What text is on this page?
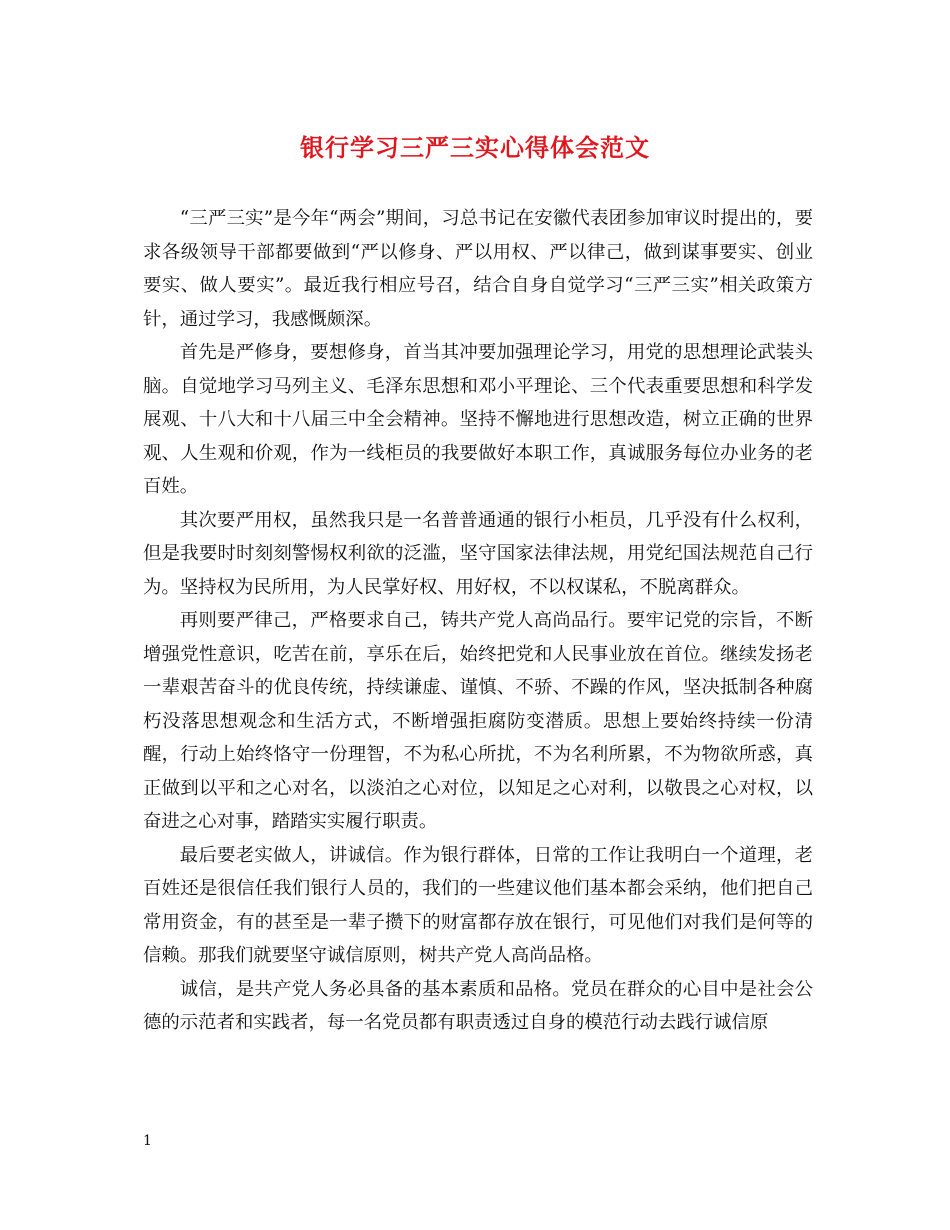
银行学习三严三实心得体会范文

“三严三实”是今年“两会”期间，习总书记在安徽代表团参加审议时提出的，要求各级领导干部都要做到“严以修身、严以用权、严以律己，做到谋事要实、创业要实、做人要实”。最近我行相应号召，结合自身自觉学习“三严三实”相关政策方针，通过学习，我感慨颇深。

首先是严修身，要想修身，首当其冲要加强理论学习，用党的思想理论武装头脑。自觉地学习马列主义、毛泽东思想和邓小平理论、三个代表重要思想和科学发展观、十八大和十八届三中全会精神。坚持不懈地进行思想改造，树立正确的世界观、人生观和价观，作为一线柜员的我要做好本职工作，真诚服务每位办业务的老百姓。

其次要严用权，虽然我只是一名普普通通的银行小柜员，几乎没有什么权利，但是我要时时刻刻警惕权利欲的泛滥，坚守国家法律法规，用党纪国法规范自己行为。坚持权为民所用，为人民掌好权、用好权，不以权谋私，不脱离群众。

再则要严律己，严格要求自己，铸共产党人高尚品行。要牢记党的宗旨，不断增强党性意识，吃苦在前，享乐在后，始终把党和人民事业放在首位。继续发扬老一辈艰苦奋斗的优良传统，持续谦虚、谨慎、不骄、不躁的作风，坚决抵制各种腐朽没落思想观念和生活方式，不断增强拒腐防变潜质。思想上要始终持续一份清醒，行动上始终恪守一份理智，不为私心所扰，不为名利所累，不为物欲所惑，真正做到以平和之心对名，以淡泊之心对位，以知足之心对利，以敬畏之心对权，以奋进之心对事，踏踏实实履行职责。

最后要老实做人，讲诚信。作为银行群体，日常的工作让我明白一个道理，老百姓还是很信任我们银行人员的，我们的一些建议他们基本都会采纳，他们把自己常用资金，有的甚至是一辈子攒下的财富都存放在银行，可见他们对我们是何等的信赖。那我们就要坚守诚信原则，树共产党人高尚品格。

诚信，是共产党人务必具备的基本素质和品格。党员在群众的心目中是社会公德的示范者和实践者，每一名党员都有职责透过自身的模范行动去践行诚信原

1
